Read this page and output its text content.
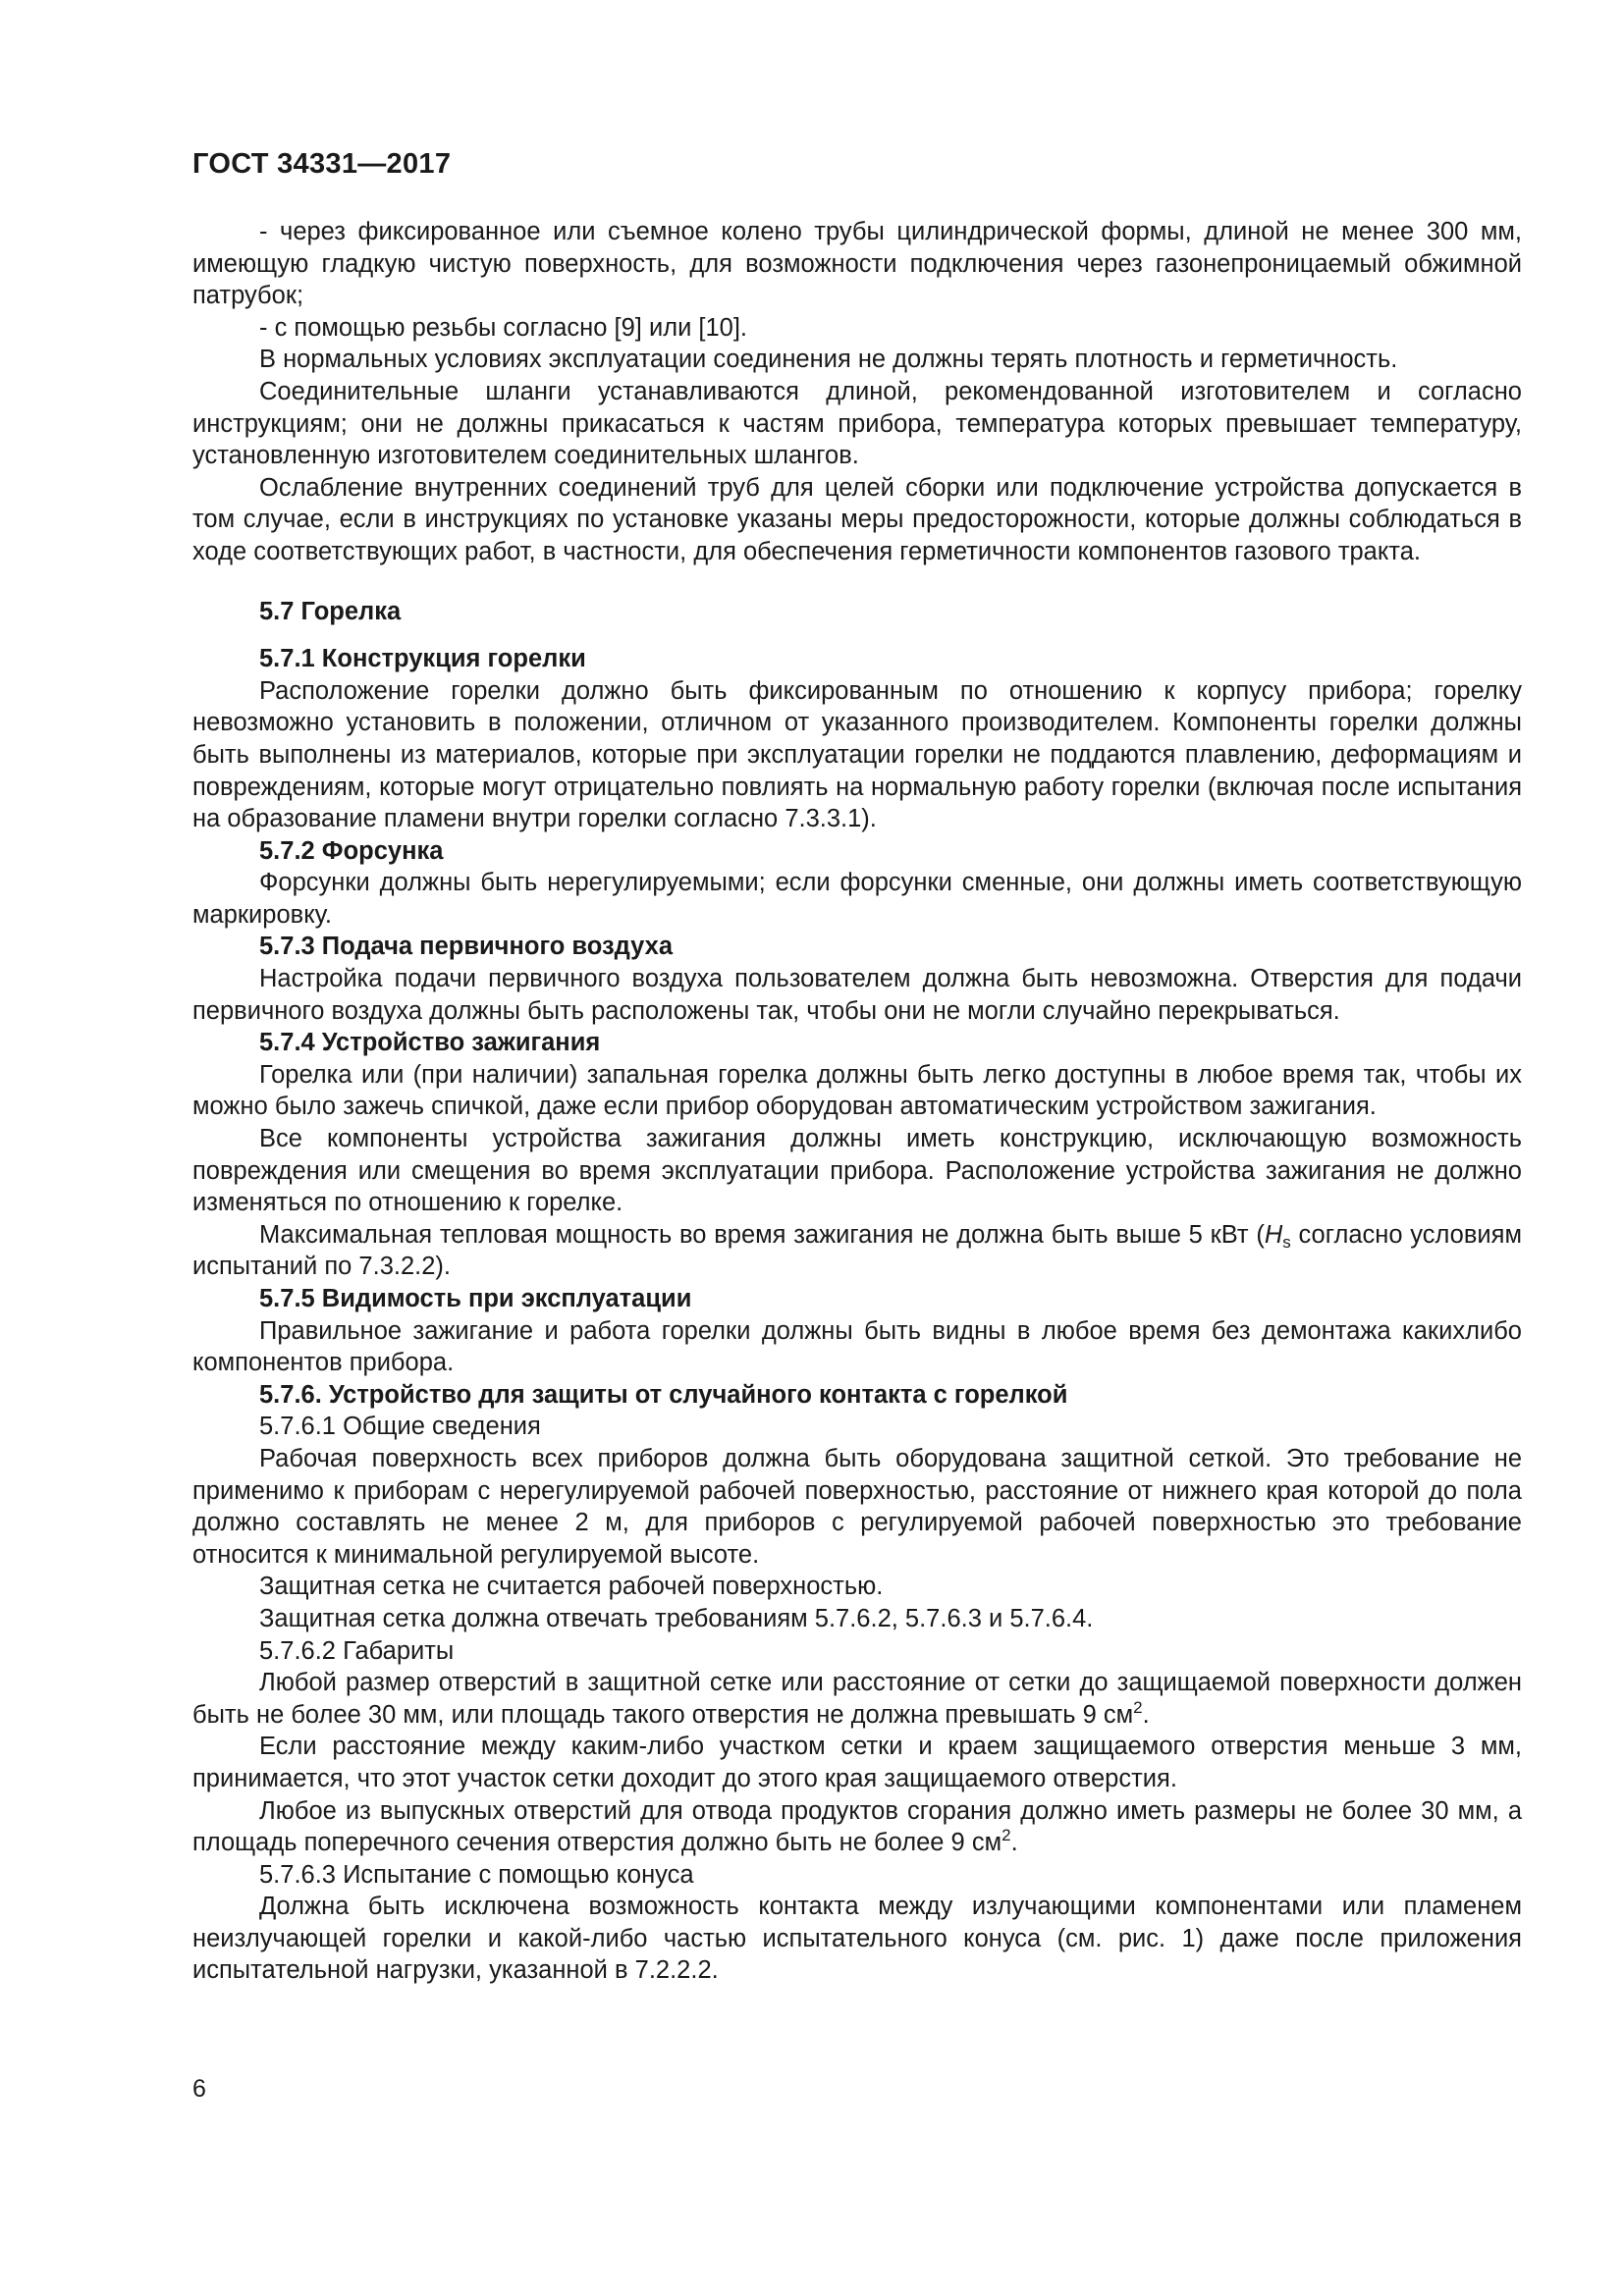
ГОСТ 34331—2017

- через фиксированное или съемное колено трубы цилиндрической формы, длиной не менее 300 мм, имеющую гладкую чистую поверхность, для возможности подключения через газонепроницаемый обжимной патрубок;

- с помощью резьбы согласно [9] или [10].

В нормальных условиях эксплуатации соединения не должны терять плотность и герметичность.

Соединительные шланги устанавливаются длиной, рекомендованной изготовителем и согласно инструкциям; они не должны прикасаться к частям прибора, температура которых превышает температуру, установленную изготовителем соединительных шлангов.

Ослабление внутренних соединений труб для целей сборки или подключение устройства допускается в том случае, если в инструкциях по установке указаны меры предосторожности, которые должны соблюдаться в ходе соответствующих работ, в частности, для обеспечения герметичности компонентов газового тракта.

5.7 Горелка

5.7.1 Конструкция горелки

Расположение горелки должно быть фиксированным по отношению к корпусу прибора; горелку невозможно установить в положении, отличном от указанного производителем. Компоненты горелки должны быть выполнены из материалов, которые при эксплуатации горелки не поддаются плавлению, деформациям и повреждениям, которые могут отрицательно повлиять на нормальную работу горелки (включая после испытания на образование пламени внутри горелки согласно 7.3.3.1).

5.7.2 Форсунка

Форсунки должны быть нерегулируемыми; если форсунки сменные, они должны иметь соответствующую маркировку.

5.7.3 Подача первичного воздуха

Настройка подачи первичного воздуха пользователем должна быть невозможна. Отверстия для подачи первичного воздуха должны быть расположены так, чтобы они не могли случайно перекрываться.

5.7.4 Устройство зажигания

Горелка или (при наличии) запальная горелка должны быть легко доступны в любое время так, чтобы их можно было зажечь спичкой, даже если прибор оборудован автоматическим устройством зажигания.

Все компоненты устройства зажигания должны иметь конструкцию, исключающую возможность повреждения или смещения во время эксплуатации прибора. Расположение устройства зажигания не должно изменяться по отношению к горелке.

Максимальная тепловая мощность во время зажигания не должна быть выше 5 кВт ($H_s$ согласно условиям испытаний по 7.3.2.2).

5.7.5 Видимость при эксплуатации

Правильное зажигание и работа горелки должны быть видны в любое время без демонтажа какихлибо компонентов прибора.

5.7.6. Устройство для защиты от случайного контакта с горелкой

5.7.6.1 Общие сведения

Рабочая поверхность всех приборов должна быть оборудована защитной сеткой. Это требование не применимо к приборам с нерегулируемой рабочей поверхностью, расстояние от нижнего края которой до пола должно составлять не менее 2 м, для приборов с регулируемой рабочей поверхностью это требование относится к минимальной регулируемой высоте.

Защитная сетка не считается рабочей поверхностью.

Защитная сетка должна отвечать требованиям 5.7.6.2, 5.7.6.3 и 5.7.6.4.

5.7.6.2 Габариты

Любой размер отверстий в защитной сетке или расстояние от сетки до защищаемой поверхности должен быть не более 30 мм, или площадь такого отверстия не должна превышать 9 $см^2$.

Если расстояние между каким-либо участком сетки и краем защищаемого отверстия меньше 3 мм, принимается, что этот участок сетки доходит до этого края защищаемого отверстия.

Любое из выпускных отверстий для отвода продуктов сгорания должно иметь размеры не более 30 мм, а площадь поперечного сечения отверстия должно быть не более 9 $см^2$.

5.7.6.3 Испытание с помощью конуса

Должна быть исключена возможность контакта между излучающими компонентами или пламенем неизлучающей горелки и какой-либо частью испытательного конуса (см. рис. 1) даже после приложения испытательной нагрузки, указанной в 7.2.2.2.

6
